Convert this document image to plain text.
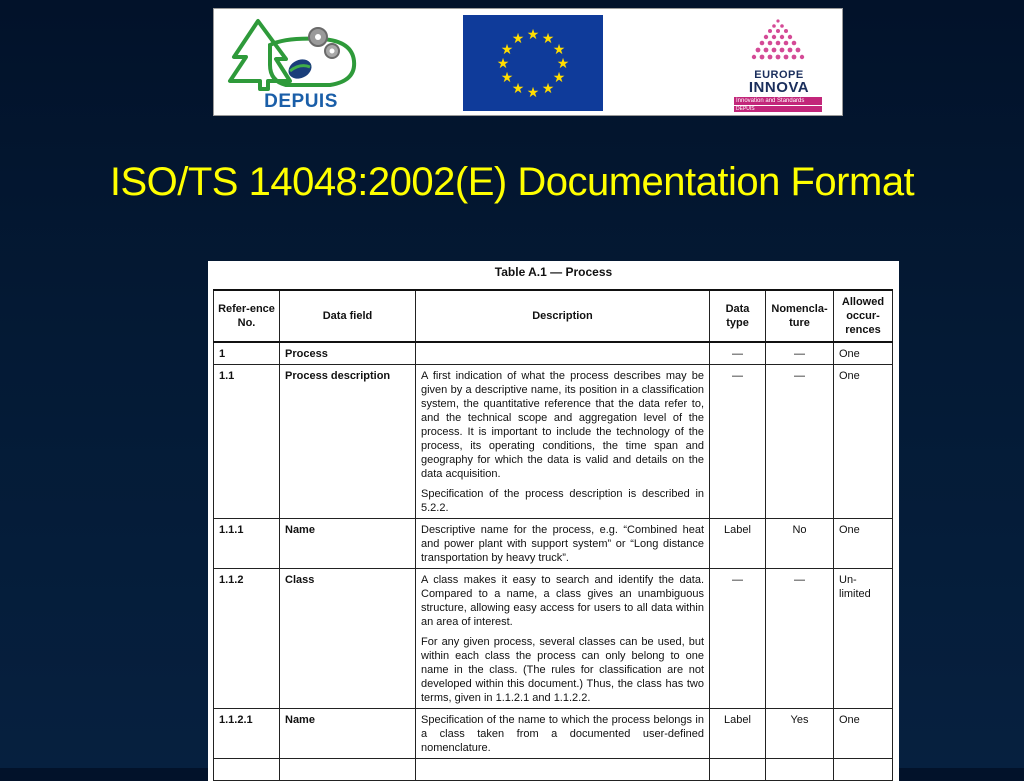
DEPUIS
★ ★
★
★
★
★
★
★
★
★
★
★
EUROPE
INNOVA
Innovation and Standards
DEPUIS
ISO/TS 14048:2002(E) Documentation Format
Table A.1 — Process
Refer-ence No.	Data field	Description	Data type	Nomencla-ture	Allowed occur-rences
1	Process		—	—	One
1.1	Process description	A first indication of what the process describes may be given by a descriptive name, its position in a classification system, the quantitative reference that the data refer to, and the technical scope and aggregation level of the process. It is important to include the technology of the process, its operating conditions, the time span and geography for which the data is valid and details on the data acquisition.

Specification of the process description is described in 5.2.2.	—	—	One
1.1.1	Name	Descriptive name for the process, e.g. “Combined heat and power plant with support system” or “Long distance transportation by heavy truck”.	Label	No	One
1.1.2	Class	A class makes it easy to search and identify the data. Compared to a name, a class gives an unambiguous structure, allowing easy access for users to all data within an area of interest.

For any given process, several classes can be used, but within each class the process can only belong to one name in the class. (The rules for classification are not developed within this document.) Thus, the class has two terms, given in 1.1.2.1 and 1.1.2.2.	—	—	Un-limited
1.1.2.1	Name	Specification of the name to which the process belongs in a class taken from a documented user-defined nomenclature.	Label	Yes	One
